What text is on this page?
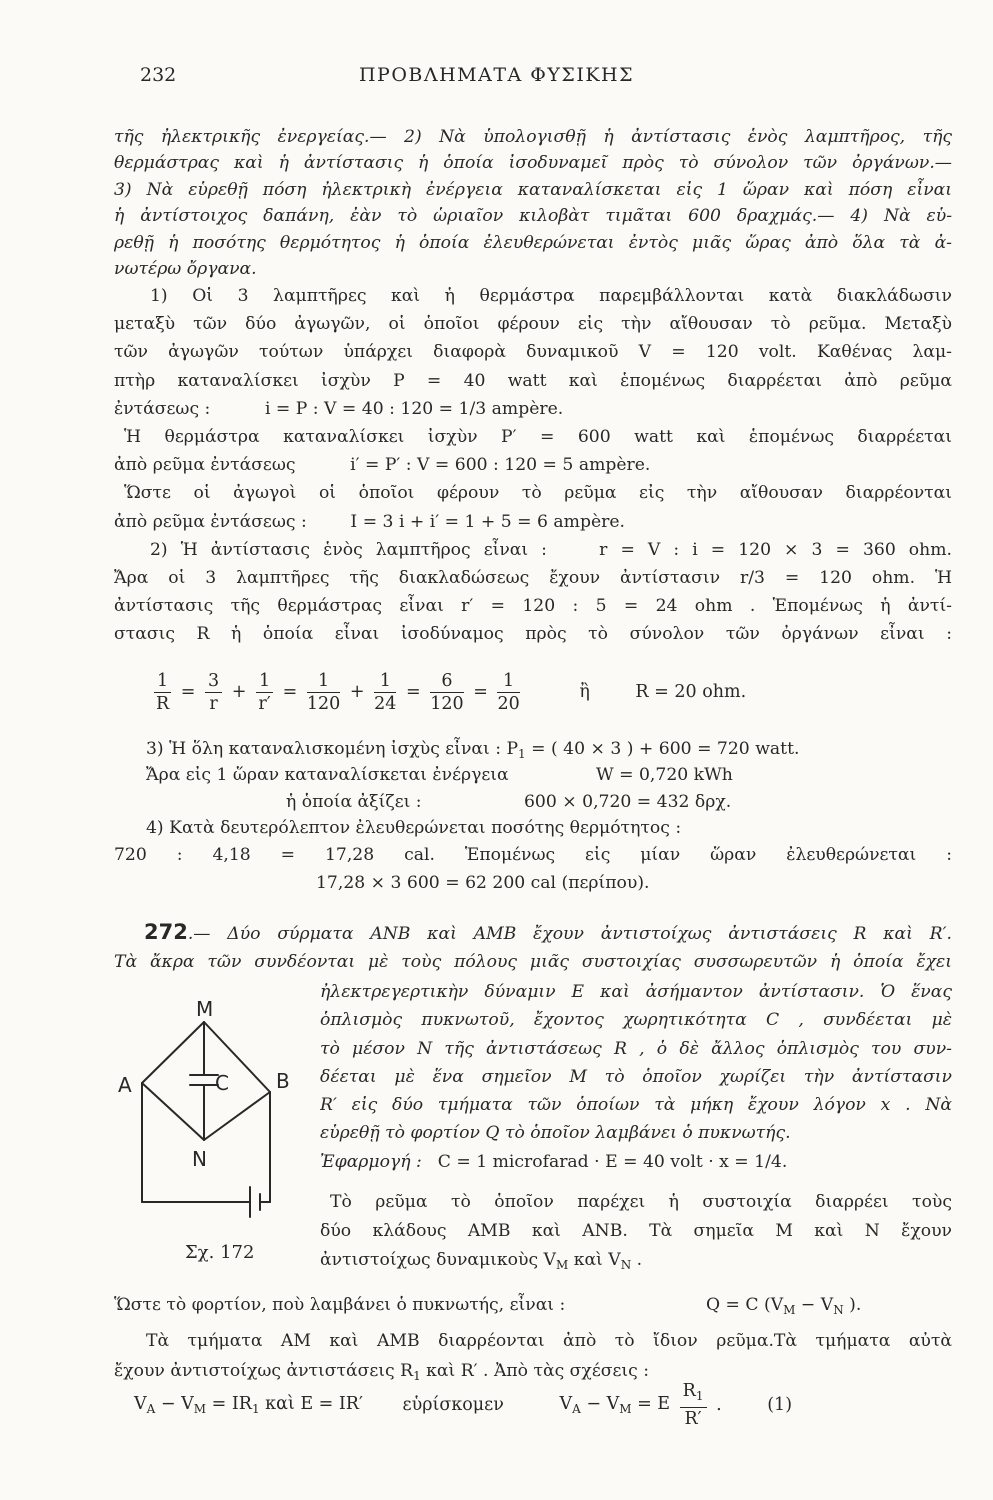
232	ΠΡΟΒΛΗΜΑΤΑ ΦΥΣΙΚΗΣ
τῆς ἠλεκτρικῆς ἐνεργείας.— 2) Νὰ ὑπολογισθῇ ἡ ἀντίστασις ἑνὸς λαμπτῆρος, τῆς
θερμάστρας καὶ ἡ ἀντίστασις ἡ ὁποία ἰσοδυναμεῖ πρὸς τὸ σύνολον τῶν ὀργάνων.—
3) Νὰ εὑρεθῇ πόση ἠλεκτρικὴ ἐνέργεια καταναλίσκεται εἰς 1 ὥραν καὶ πόση εἶναι
ἡ ἀντίστοιχος δαπάνη, ἐὰν τὸ ὡριαῖον κιλοβὰτ τιμᾶται 600 δραχμάς.— 4) Νὰ εὑ-
ρεθῇ ἡ ποσότης θερμότητος ἡ ὁποία ἐλευθερώνεται ἐντὸς μιᾶς ὥρας ἀπὸ ὅλα τὰ ἀ-
νωτέρω ὄργανα.
1) Οἱ 3 λαμπτῆρες καὶ ἡ θερμάστρα παρεμβάλλονται κατὰ διακλάδωσιν
μεταξὺ τῶν δύο ἀγωγῶν, οἱ ὁποῖοι φέρουν εἰς τὴν αἴθουσαν τὸ ρεῦμα. Μεταξὺ
τῶν ἀγωγῶν τούτων ὑπάρχει διαφορὰ δυναμικοῦ V = 120 volt. Καθένας λαμ-
πτὴρ καταναλίσκει ἰσχὺν P = 40 watt καὶ ἑπομένως διαρρέεται ἀπὸ ρεῦμα
ἐντάσεως :          i = P : V = 40 : 120 = 1/3 ampère.
Ἡ θερμάστρα καταναλίσκει ἰσχὺν P′ = 600 watt καὶ ἑπομένως διαρρέεται
ἀπὸ ρεῦμα ἐντάσεως          i′ = P′ : V = 600 : 120 = 5 ampère.
Ὥστε οἱ ἀγωγοὶ οἱ ὁποῖοι φέρουν τὸ ρεῦμα εἰς τὴν αἴθουσαν διαρρέονται
ἀπὸ ρεῦμα ἐντάσεως :        I = 3 i + i′ = 1 + 5 = 6 ampère.
2) Ἡ ἀντίστασις ἑνὸς λαμπτῆρος εἶναι :    r = V : i = 120 × 3 = 360 ohm.
Ἄρα οἱ 3 λαμπτῆρες τῆς διακλαδώσεως ἔχουν ἀντίστασιν r/3 = 120 ohm. Ἡ
ἀντίστασις τῆς θερμάστρας εἶναι r′ = 120 : 5 = 24 ohm . Ἑπομένως ἡ ἀντί-
στασις R ἡ ὁποία εἶναι ἰσοδύναμος πρὸς τὸ σύνολον τῶν ὀργάνων εἶναι :
$\frac{1}{R} = \frac{3}{r} + \frac{1}{r'} = \frac{1}{120} + \frac{1}{24} = \frac{6}{120} = \frac{1}{20}$	ἢ	R = 20 ohm.
3) Ἡ ὅλη καταναλισκομένη ἰσχὺς εἶναι : $P_1$ = ( 40 × 3 ) + 600 = 720 watt.
Ἄρα εἰς 1 ὥραν καταναλίσκεται ἐνέργεια	W = 0,720 kWh
ἡ ὁποία ἀξίζει :	600 × 0,720 = 432 δρχ.
4) Κατὰ δευτερόλεπτον ἐλευθερώνεται ποσότης θερμότητος :
720 : 4,18 = 17,28 cal. Ἑπομένως εἰς μίαν ὥραν ἐλευθερώνεται :
17,28 × 3 600 = 62 200 cal (περίπου).
272.— Δύο σύρματα ΑΝΒ καὶ ΑΜΒ ἔχουν ἀντιστοίχως ἀντιστάσεις R καὶ R′.
Τὰ ἄκρα τῶν συνδέονται μὲ τοὺς πόλους μιᾶς συστοιχίας συσσωρευτῶν ἡ ὁποία ἔχει
ἠλεκτρεγερτικὴν δύναμιν E καὶ ἀσήμαντον ἀντίστασιν. Ὁ ἕνας
ὁπλισμὸς πυκνωτοῦ, ἔχοντος χωρητικότητα C , συνδέεται μὲ
τὸ μέσον N τῆς ἀντιστάσεως R , ὁ δὲ ἄλλος ὁπλισμὸς του συν-
δέεται μὲ ἕνα σημεῖον M τὸ ὁποῖον χωρίζει τὴν ἀντίστασιν
R′ εἰς δύο τμήματα τῶν ὁποίων τὰ μήκη ἔχουν λόγον x . Νὰ
εὑρεθῇ τὸ φορτίον Q τὸ ὁποῖον λαμβάνει ὁ πυκνωτής.
Ἐφαρμογή : C = 1 microfarad · E = 40 volt · x = 1/4.
Τὸ ρεῦμα τὸ ὁποῖον παρέχει ἡ συστοιχία διαρρέει τοὺς
δύο κλάδους AMB καὶ ANB. Τὰ σημεῖα M καὶ N ἔχουν
ἀντιστοίχως δυναμικοὺς $V_M$ καὶ $V_N$ .
M
C
A	B
N
Σχ. 172
Ὥστε τὸ φορτίον, ποὺ λαμβάνει ὁ πυκνωτής, εἶναι :	Q = C ($V_M - V_N$ ).
Τὰ τμήματα AM καὶ AMB διαρρέονται ἀπὸ τὸ ἴδιον ρεῦμα.Τὰ τμήματα αὐτὰ
ἔχουν ἀντιστοίχως ἀντιστάσεις $R_1$ καὶ R′ . Ἀπὸ τὰς σχέσεις :
$V_A - V_M = IR_1$ καὶ E = IR′ εὑρίσκομεν	$V_A - V_M = E \frac{R_1}{R'}$ .	(1)
